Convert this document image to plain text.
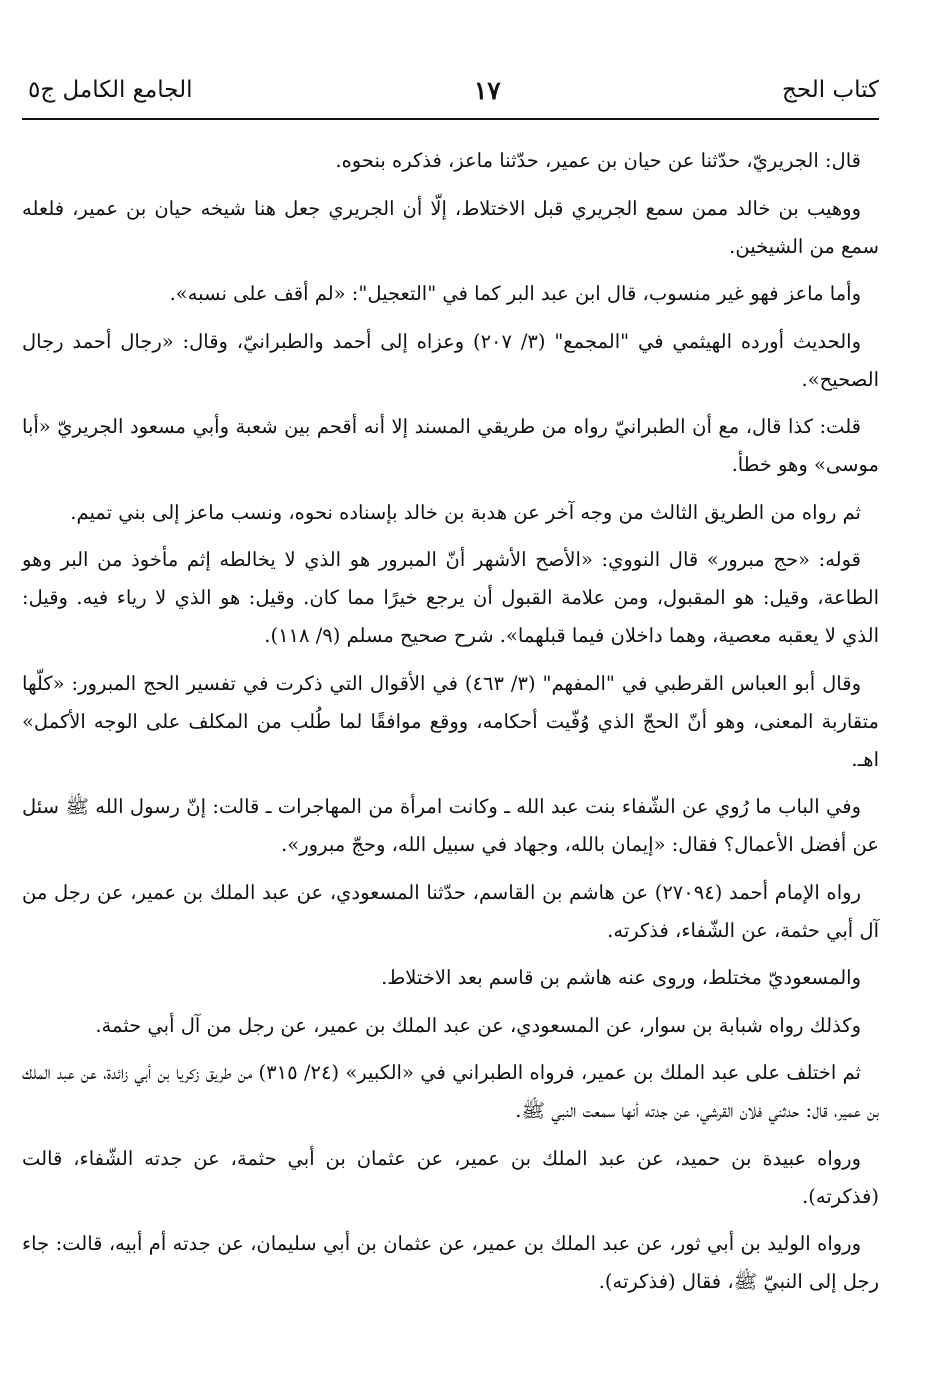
كتاب الحج
١٧
الجامع الكامل ج٥

قال: الجريريّ، حدّثنا عن حيان بن عمير، حدّثنا ماعز، فذكره بنحوه.

ووهيب بن خالد ممن سمع الجريري قبل الاختلاط، إلّا أن الجريري جعل هنا شيخه حيان بن عمير، فلعله سمع من الشيخين.

وأما ماعز فهو غير منسوب، قال ابن عبد البر كما في "التعجيل": «لم أقف على نسبه».

والحديث أورده الهيثمي في "المجمع" (٣/ ٢٠٧) وعزاه إلى أحمد والطبرانيّ، وقال: «رجال أحمد رجال الصحيح».

قلت: كذا قال، مع أن الطبرانيّ رواه من طريقي المسند إلا أنه أقحم بين شعبة وأبي مسعود الجريريّ «أبا موسى» وهو خطأ.

ثم رواه من الطريق الثالث من وجه آخر عن هدبة بن خالد بإسناده نحوه، ونسب ماعز إلى بني تميم.

قوله: «حج مبرور» قال النووي: «الأصح الأشهر أنّ المبرور هو الذي لا يخالطه إثم مأخوذ من البر وهو الطاعة، وقيل: هو المقبول، ومن علامة القبول أن يرجع خيرًا مما كان. وقيل: هو الذي لا رياء فيه. وقيل: الذي لا يعقبه معصية، وهما داخلان فيما قبلهما». شرح صحيح مسلم (٩/ ١١٨).

وقال أبو العباس القرطبي في "المفهم" (٣/ ٤٦٣) في الأقوال التي ذكرت في تفسير الحج المبرور: «كلّها متقاربة المعنى، وهو أنّ الحجّ الذي وُفّيت أحكامه، ووقع موافقًا لما طُلب من المكلف على الوجه الأكمل» اهـ.

وفي الباب ما رُوي عن الشّفاء بنت عبد الله ـ وكانت امرأة من المهاجرات ـ قالت: إنّ رسول الله ﷺ سئل عن أفضل الأعمال؟ فقال: «إيمان بالله، وجهاد في سبيل الله، وحجّ مبرور».

رواه الإمام أحمد (٢٧٠٩٤) عن هاشم بن القاسم، حدّثنا المسعودي، عن عبد الملك بن عمير، عن رجل من آل أبي حثمة، عن الشّفاء، فذكرته.

والمسعوديّ مختلط، وروى عنه هاشم بن قاسم بعد الاختلاط.

وكذلك رواه شبابة بن سوار، عن المسعودي، عن عبد الملك بن عمير، عن رجل من آل أبي حثمة.

ثم اختلف على عبد الملك بن عمير، فرواه الطبراني في «الكبير» (٢٤/ ٣١٥) من طريق زكريا بن أبي زائدة، عن عبد الملك بن عمير، قال: حدثني فلان القرشي، عن جدته أنها سمعت النبي ﷺ.

ورواه عبيدة بن حميد، عن عبد الملك بن عمير، عن عثمان بن أبي حثمة، عن جدته الشّفاء، قالت (فذكرته).

ورواه الوليد بن أبي ثور، عن عبد الملك بن عمير، عن عثمان بن أبي سليمان، عن جدته أم أبيه، قالت: جاء رجل إلى النبيّ ﷺ، فقال (فذكرته).
